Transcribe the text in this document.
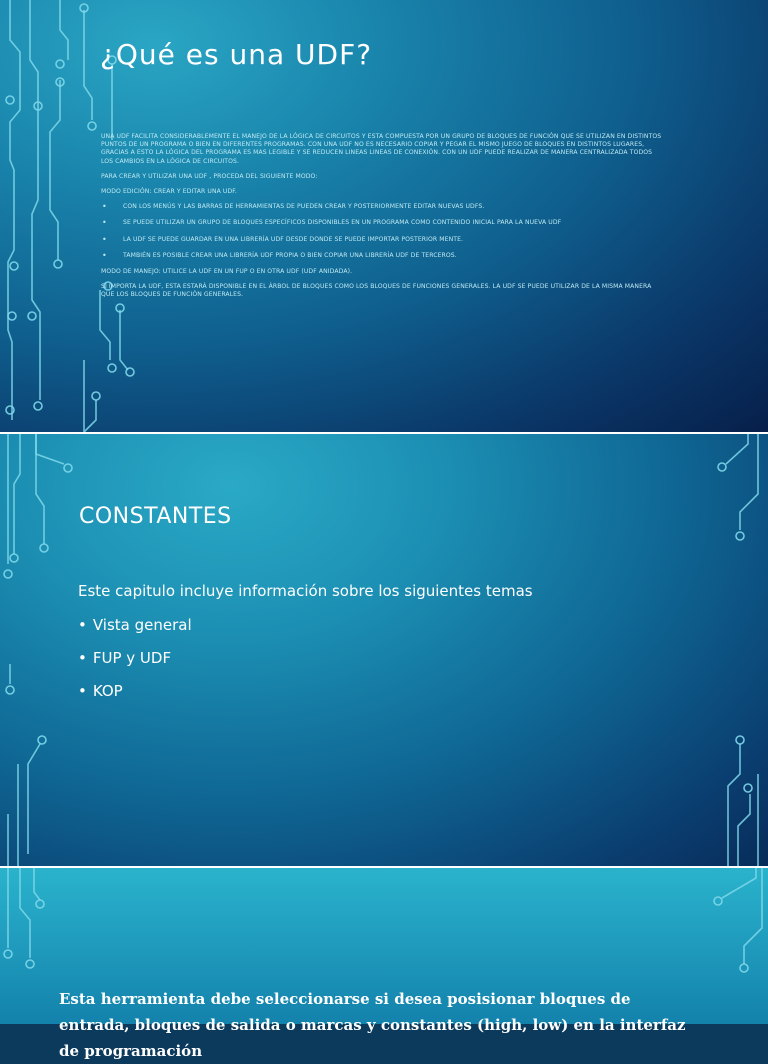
¿Qué es una UDF?

UNA UDF FACILITA CONSIDERABLEMENTE EL MANEJO DE LA LÓGICA DE CIRCUITOS Y ESTA COMPUESTA POR UN GRUPO DE BLOQUES DE FUNCIÓN QUE SE UTILIZAN EN DISTINTOS PUNTOS DE UN PROGRAMA O BIEN EN DIFERENTES PROGRAMAS. CON UNA UDF NO ES NECESARIO COPIAR Y PEGAR EL MISMO JUEGO DE BLOQUES EN DISTINTOS LUGARES, GRACIAS A ESTO LA LÓGICA DEL PROGRAMA ES MAS LEGIBLE Y SE REDUCEN LINEAS LINEAS DE CONEXIÓN. CON UN UDF PUEDE REALIZAR DE MANERA CENTRALIZADA TODOS LOS CAMBIOS EN LA LÓGICA DE CIRCUITOS.

PARA CREAR Y UTILIZAR UNA UDF , PROCEDA DEL SIGUIENTE MODO:

MODO EDICIÓN: CREAR Y EDITAR UNA UDF.

• CON LOS MENÚS Y LAS BARRAS DE HERRAMIENTAS DE PUEDEN CREAR Y POSTERIORMENTE EDITAR NUEVAS UDFS.

• SE PUEDE UTILIZAR UN GRUPO DE BLOQUES ESPECÍFICOS DISPONIBLES EN UN PROGRAMA COMO CONTENIDO INICIAL PARA LA NUEVA UDF

• LA UDF SE PUEDE GUARDAR EN UNA LIBRERÍA UDF DESDE DONDE SE PUEDE IMPORTAR POSTERIOR MENTE.

• TAMBIÉN ES POSIBLE CREAR UNA LIBRERÍA UDF PROPIA O BIEN COPIAR UNA LIBRERÍA UDF DE TERCEROS.

MODO DE MANEJO: UTILICE LA UDF EN UN FUP O EN OTRA UDF (UDF ANIDADA).

SI IMPORTA LA UDF, ESTA ESTARÁ DISPONIBLE EN EL ÁRBOL DE BLOQUES COMO LOS BLOQUES DE FUNCIONES GENERALES. LA UDF SE PUEDE UTILIZAR DE LA MISMA MANERA QUE LOS BLOQUES DE FUNCIÓN GENERALES.

CONSTANTES

Este capitulo incluye información sobre los siguientes temas

• Vista general

• FUP y UDF

• KOP

Esta herramienta debe seleccionarse si desea posisionar bloques de entrada, bloques de salida o marcas y constantes (high, low) en la interfaz de programación
